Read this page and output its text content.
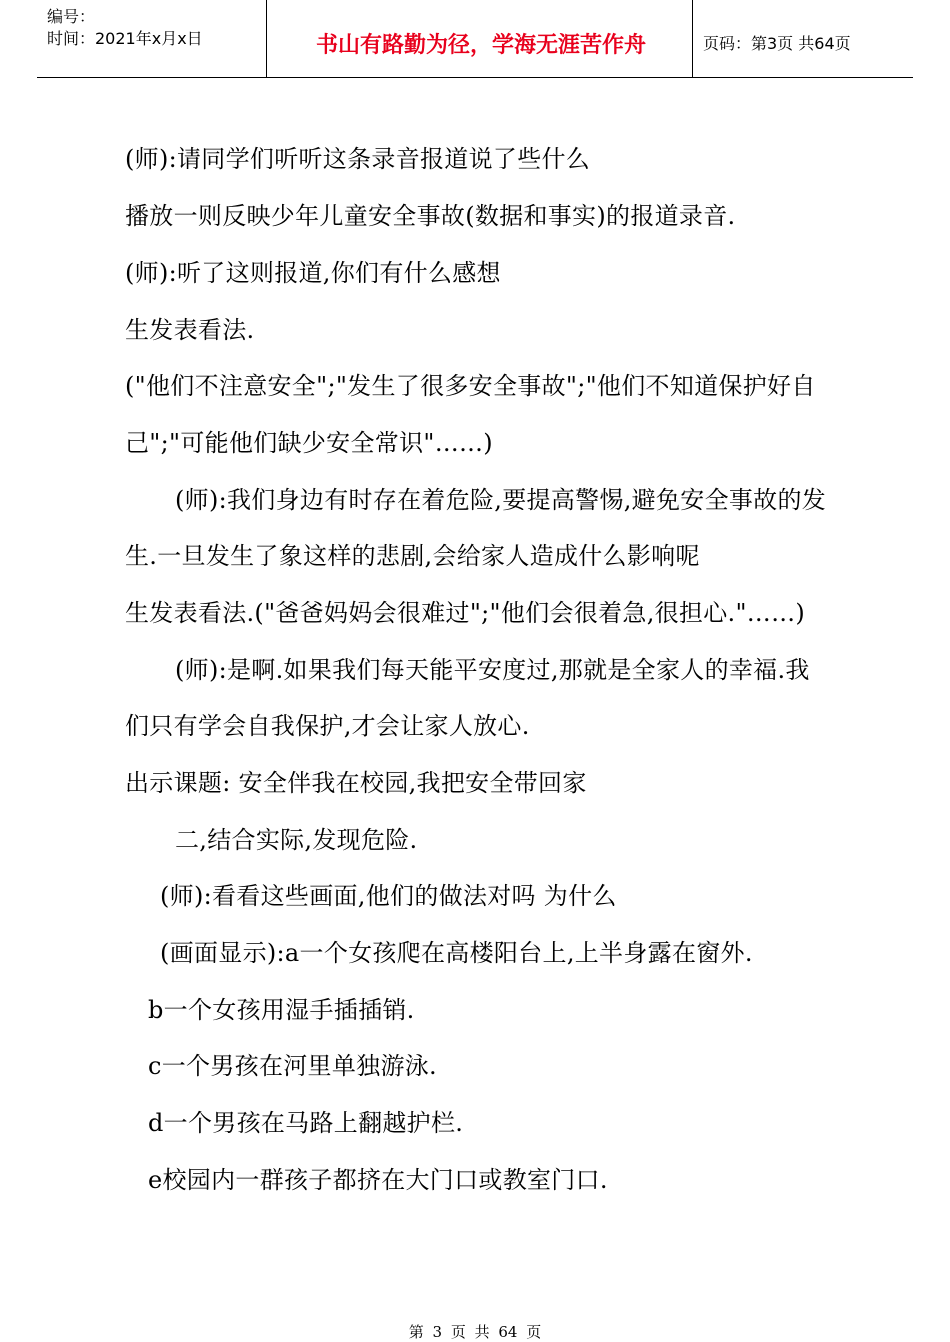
编号：
时间：2021年x月x日	书山有路勤为径，学海无涯苦作舟	页码：第3页 共64页
(师):请同学们听听这条录音报道说了些什么
播放一则反映少年儿童安全事故(数据和事实)的报道录音.
(师):听了这则报道,你们有什么感想
生发表看法.
("他们不注意安全";"发生了很多安全事故";"他们不知道保护好自
己";"可能他们缺少安全常识"……)
(师):我们身边有时存在着危险,要提高警惕,避免安全事故的发
生.一旦发生了象这样的悲剧,会给家人造成什么影响呢
生发表看法.("爸爸妈妈会很难过";"他们会很着急,很担心."……)
(师):是啊.如果我们每天能平安度过,那就是全家人的幸福.我
们只有学会自我保护,才会让家人放心.
出示课题: 安全伴我在校园,我把安全带回家
二,结合实际,发现危险.
(师):看看这些画面,他们的做法对吗 为什么
(画面显示):a一个女孩爬在高楼阳台上,上半身露在窗外.
b一个女孩用湿手插插销.
c一个男孩在河里单独游泳.
d一个男孩在马路上翻越护栏.
e校园内一群孩子都挤在大门口或教室门口.
第 3 页 共 64 页
